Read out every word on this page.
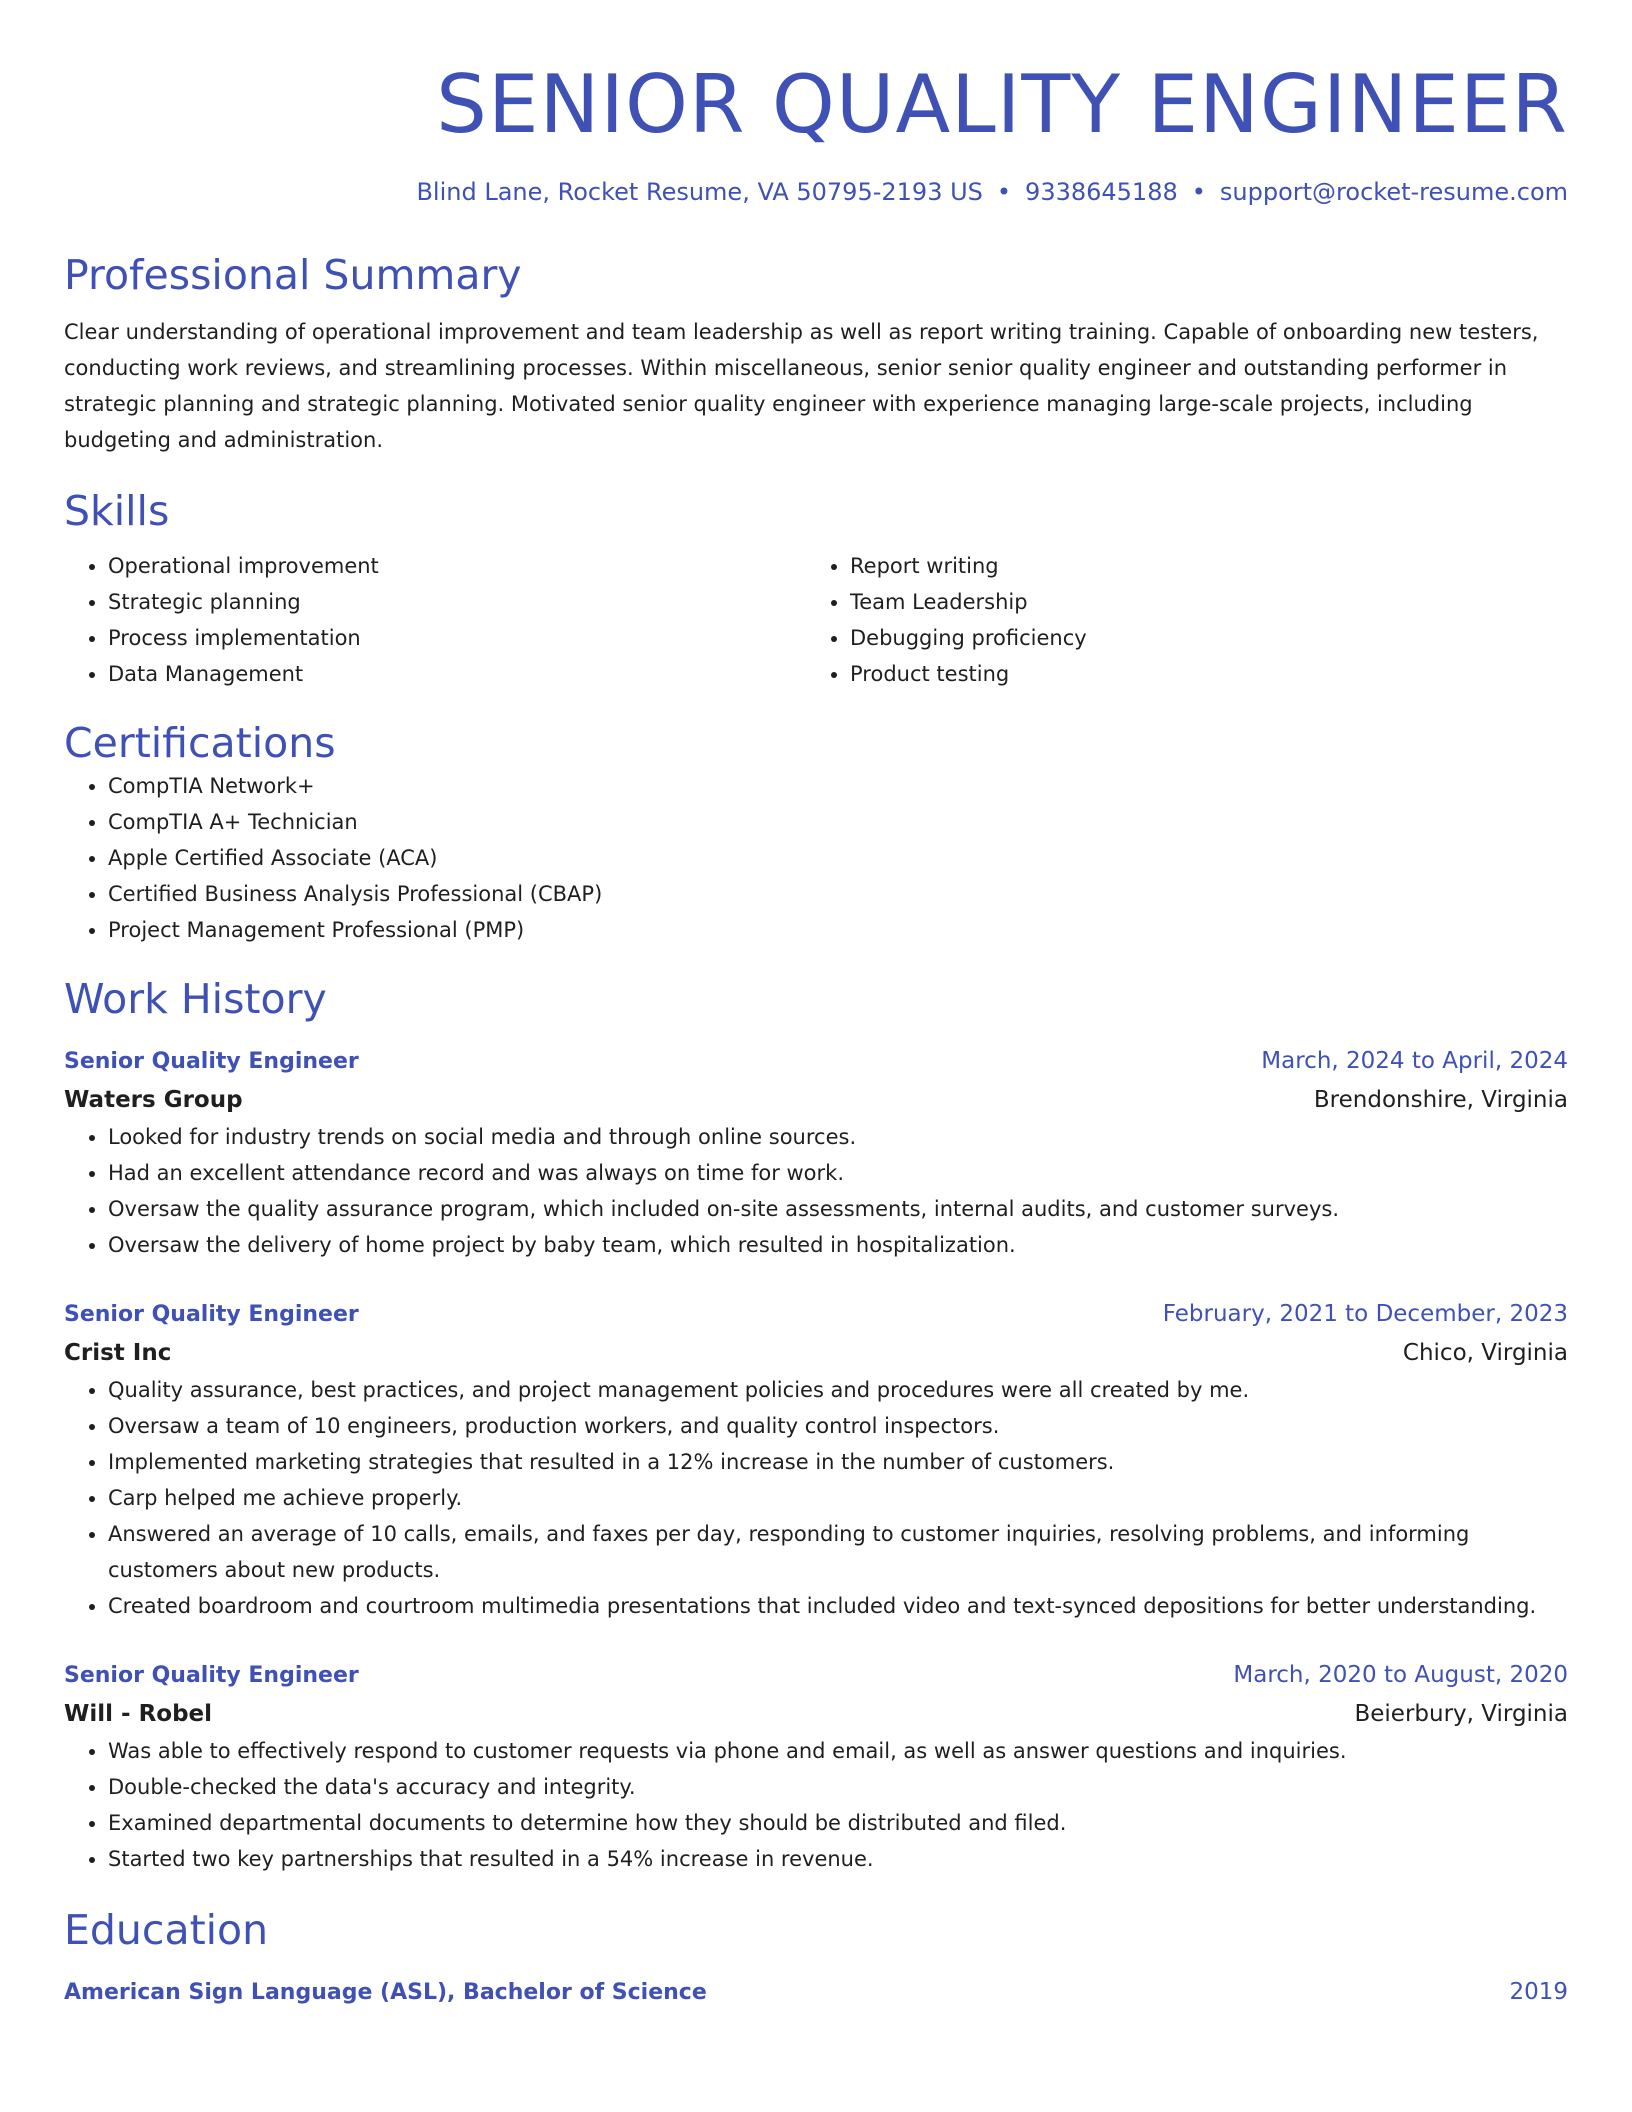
SENIOR QUALITY ENGINEER
Blind Lane, Rocket Resume, VA 50795-2193 US • 9338645188 • support@rocket-resume.com
Professional Summary
Clear understanding of operational improvement and team leadership as well as report writing training. Capable of onboarding new testers, conducting work reviews, and streamlining processes. Within miscellaneous, senior senior quality engineer and outstanding performer in strategic planning and strategic planning. Motivated senior quality engineer with experience managing large-scale projects, including budgeting and administration.
Skills
• Operational improvement
• Strategic planning
• Process implementation
• Data Management
• Report writing
• Team Leadership
• Debugging proficiency
• Product testing
Certifications
• CompTIA Network+
• CompTIA A+ Technician
• Apple Certified Associate (ACA)
• Certified Business Analysis Professional (CBAP)
• Project Management Professional (PMP)
Work History
Senior Quality Engineer	March, 2024 to April, 2024
Waters Group	Brendonshire, Virginia
• Looked for industry trends on social media and through online sources.
• Had an excellent attendance record and was always on time for work.
• Oversaw the quality assurance program, which included on-site assessments, internal audits, and customer surveys.
• Oversaw the delivery of home project by baby team, which resulted in hospitalization.
Senior Quality Engineer	February, 2021 to December, 2023
Crist Inc	Chico, Virginia
• Quality assurance, best practices, and project management policies and procedures were all created by me.
• Oversaw a team of 10 engineers, production workers, and quality control inspectors.
• Implemented marketing strategies that resulted in a 12% increase in the number of customers.
• Carp helped me achieve properly.
• Answered an average of 10 calls, emails, and faxes per day, responding to customer inquiries, resolving problems, and informing customers about new products.
• Created boardroom and courtroom multimedia presentations that included video and text-synced depositions for better understanding.
Senior Quality Engineer	March, 2020 to August, 2020
Will - Robel	Beierbury, Virginia
• Was able to effectively respond to customer requests via phone and email, as well as answer questions and inquiries.
• Double-checked the data's accuracy and integrity.
• Examined departmental documents to determine how they should be distributed and filed.
• Started two key partnerships that resulted in a 54% increase in revenue.
Education
American Sign Language (ASL), Bachelor of Science	2019
